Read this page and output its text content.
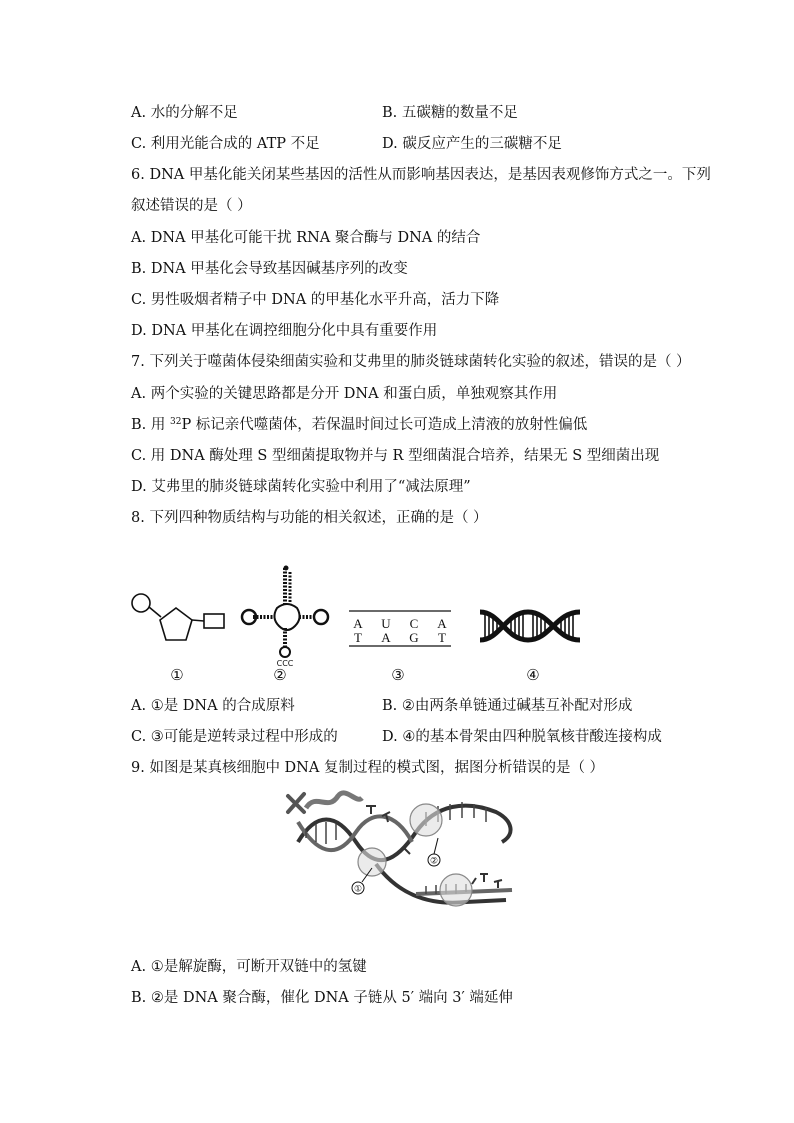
A. 水的分解不足	B. 五碳糖的数量不足
C. 利用光能合成的 ATP 不足	D. 碳反应产生的三碳糖不足
6. DNA 甲基化能关闭某些基因的活性从而影响基因表达，是基因表观修饰方式之一。下列
叙述错误的是（ ）
A. DNA 甲基化可能干扰 RNA 聚合酶与 DNA 的结合
B. DNA 甲基化会导致基因碱基序列的改变
C. 男性吸烟者精子中 DNA 的甲基化水平升高，活力下降
D. DNA 甲基化在调控细胞分化中具有重要作用
7. 下列关于噬菌体侵染细菌实验和艾弗里的肺炎链球菌转化实验的叙述，错误的是（ ）
A. 两个实验的关键思路都是分开 DNA 和蛋白质，单独观察其作用
B. 用 $^{32}$P 标记亲代噬菌体，若保温时间过长可造成上清液的放射性偏低
C. 用 DNA 酶处理 S 型细菌提取物并与 R 型细菌混合培养，结果无 S 型细菌出现
D. 艾弗里的肺炎链球菌转化实验中利用了“减法原理”
8. 下列四种物质结构与功能的相关叙述，正确的是（ ）
CCC
A U C A
T A G T
①	②	③	④
A. ①是 DNA 的合成原料	B. ②由两条单链通过碱基互补配对形成
C. ③可能是逆转录过程中形成的	D. ④的基本骨架由四种脱氧核苷酸连接构成
9. 如图是某真核细胞中 DNA 复制过程的模式图，据图分析错误的是（ ）
①
②
A. ①是解旋酶，可断开双链中的氢键
B. ②是 DNA 聚合酶，催化 DNA 子链从 5′ 端向 3′ 端延伸
